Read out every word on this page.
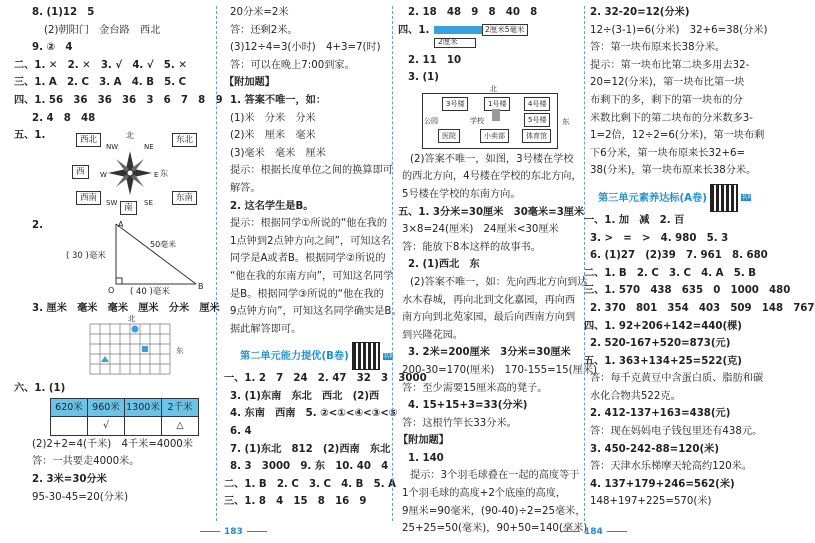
8. (1)12　5
(2)朝阳门　金台路　西北
9. ②　4
二、1. ✕　2. ✕　3. √　4. √　5. ✕
三、1. A　2. C　3. A　4. B　5. C
四、1. 56　36　36　36　3　6　7　8　9
2. 4　8　48
五、1.	北
东
NW	NE
SW	SE
W	E
西北	东北
西
西南	东南
南
2.	A
B
O
50毫米
( 30 )毫米
( 40 )毫米
3. 厘米　毫米　毫米　厘米　分米　厘米
北
东
六、1. (1)
620米	960米	1300米	2千米
	√		△
(2)2+2=4(千米)　4千米=4000米
答：一共要走4000米。
2. 3米=30分米
95-30-45=20(分米)
20分米=2米
答：还剩2米。
(3)12÷4=3(小时)　4+3=7(时)
答：可以在晚上7:00到家。
【附加题】
1. 答案不唯一，如：
(1)米　分米　分米
(2)米　厘米　毫米
(3)毫米　毫米　厘米
提示：根据长度单位之间的换算即可
解答。
2. 这名学生是B。
提示：根据同学①所说的“他在我的
1点钟到2点钟方向之间”，可知这名
同学是A或者B。根据同学②所说的
“他在我的东南方向”，可知这名同学
是B。根据同学③所说的“他在我的
9点钟方向”，可知这名同学确实是B。
据此解答即可。
第二单元能力提优(B卷)	名师讲解
一、1. 2　7　24　2. 47　32　3　3000
3. (1)东南　东北　西北　(2)西
4. 东南　西南　5. ②<①<④<③<⑤
6. 4
7. (1)东北　812　(2)西南　东北
8. 3　3000　9. 东　10. 40　4
二、1. B　2. C　3. C　4. B　5. A
三、1. 8　4　15　8　16　9
2. 18　48　9　8　40　8
四、1.	2厘米5毫米
2厘米
2. 11　10
3. (1)
北
东
3号楼	1号楼	4号楼
公园	学校	5号楼
医院	小卖部	体育馆
(2)答案不唯一，如图，3号楼在学校
的西北方向，4号楼在学校的东北方向，
5号楼在学校的东南方向。
五、1. 3分米=30厘米　30毫米=3厘米
3×8=24(厘米)　24厘米<30厘米
答：能放下8本这样的故事书。
2. (1)西北　东
(2)答案不唯一，如：先向西北方向到达
水木春城，再向北到文化嘉园，再向西
南方向到北苑家园，最后向西南方向到
到兴隆花园。
3. 2米=200厘米　3分米=30厘米
200-30=170(厘米)　170-155=15(厘米)
答：至少需要15厘米高的凳子。
4. 15+15+3=33(分米)
答：这根竹竿长33分米。
【附加题】
1. 140
提示：3个羽毛球叠在一起的高度等于
1个羽毛球的高度+2个底座的高度，
9厘米=90毫米，(90-40)÷2=25毫米，
25+25=50(毫米)，90+50=140(毫米)
2. 32-20=12(分米)
12÷(3-1)=6(分米)　32+6=38(分米)
答：第一块布原来长38分米。
提示：第一块布比第二块多用去32-
20=12(分米)，第一块布比第一块
布剩下的多，剩下的第一块布的分
米数比剩下的第二块布的分米数多3-
1=2倍，12÷2=6(分米)，第一块布剩
下6分米，第一块布原来长32+6=
38(分米)，第一块布原来长38分米。
第三单元素养达标(A卷)	名师讲解
一、1. 加　减　2. 百
3. >　=　>　4. 980　5. 3
6. (1)27　(2)39　7. 961　8. 680
二、1. B　2. C　3. C　4. A　5. B
三、1. 570　438　635　0　1000　480
2. 370　801　354　403　509　148　767
四、1. 92+206+142=440(棵)
2. 520-167+520=873(元)
五、1. 363+134+25=522(克)
答：每千克黄豆中含蛋白质、脂肪和碳
水化合物共522克。
2. 412-137+163=438(元)
答：现在妈妈电子钱包里还有438元。
3. 450-242-88=120(米)
答：天津水乐梯摩天轮高约120米。
4. 137+179+246=562(米)
148+197+225=570(米)
183	184
